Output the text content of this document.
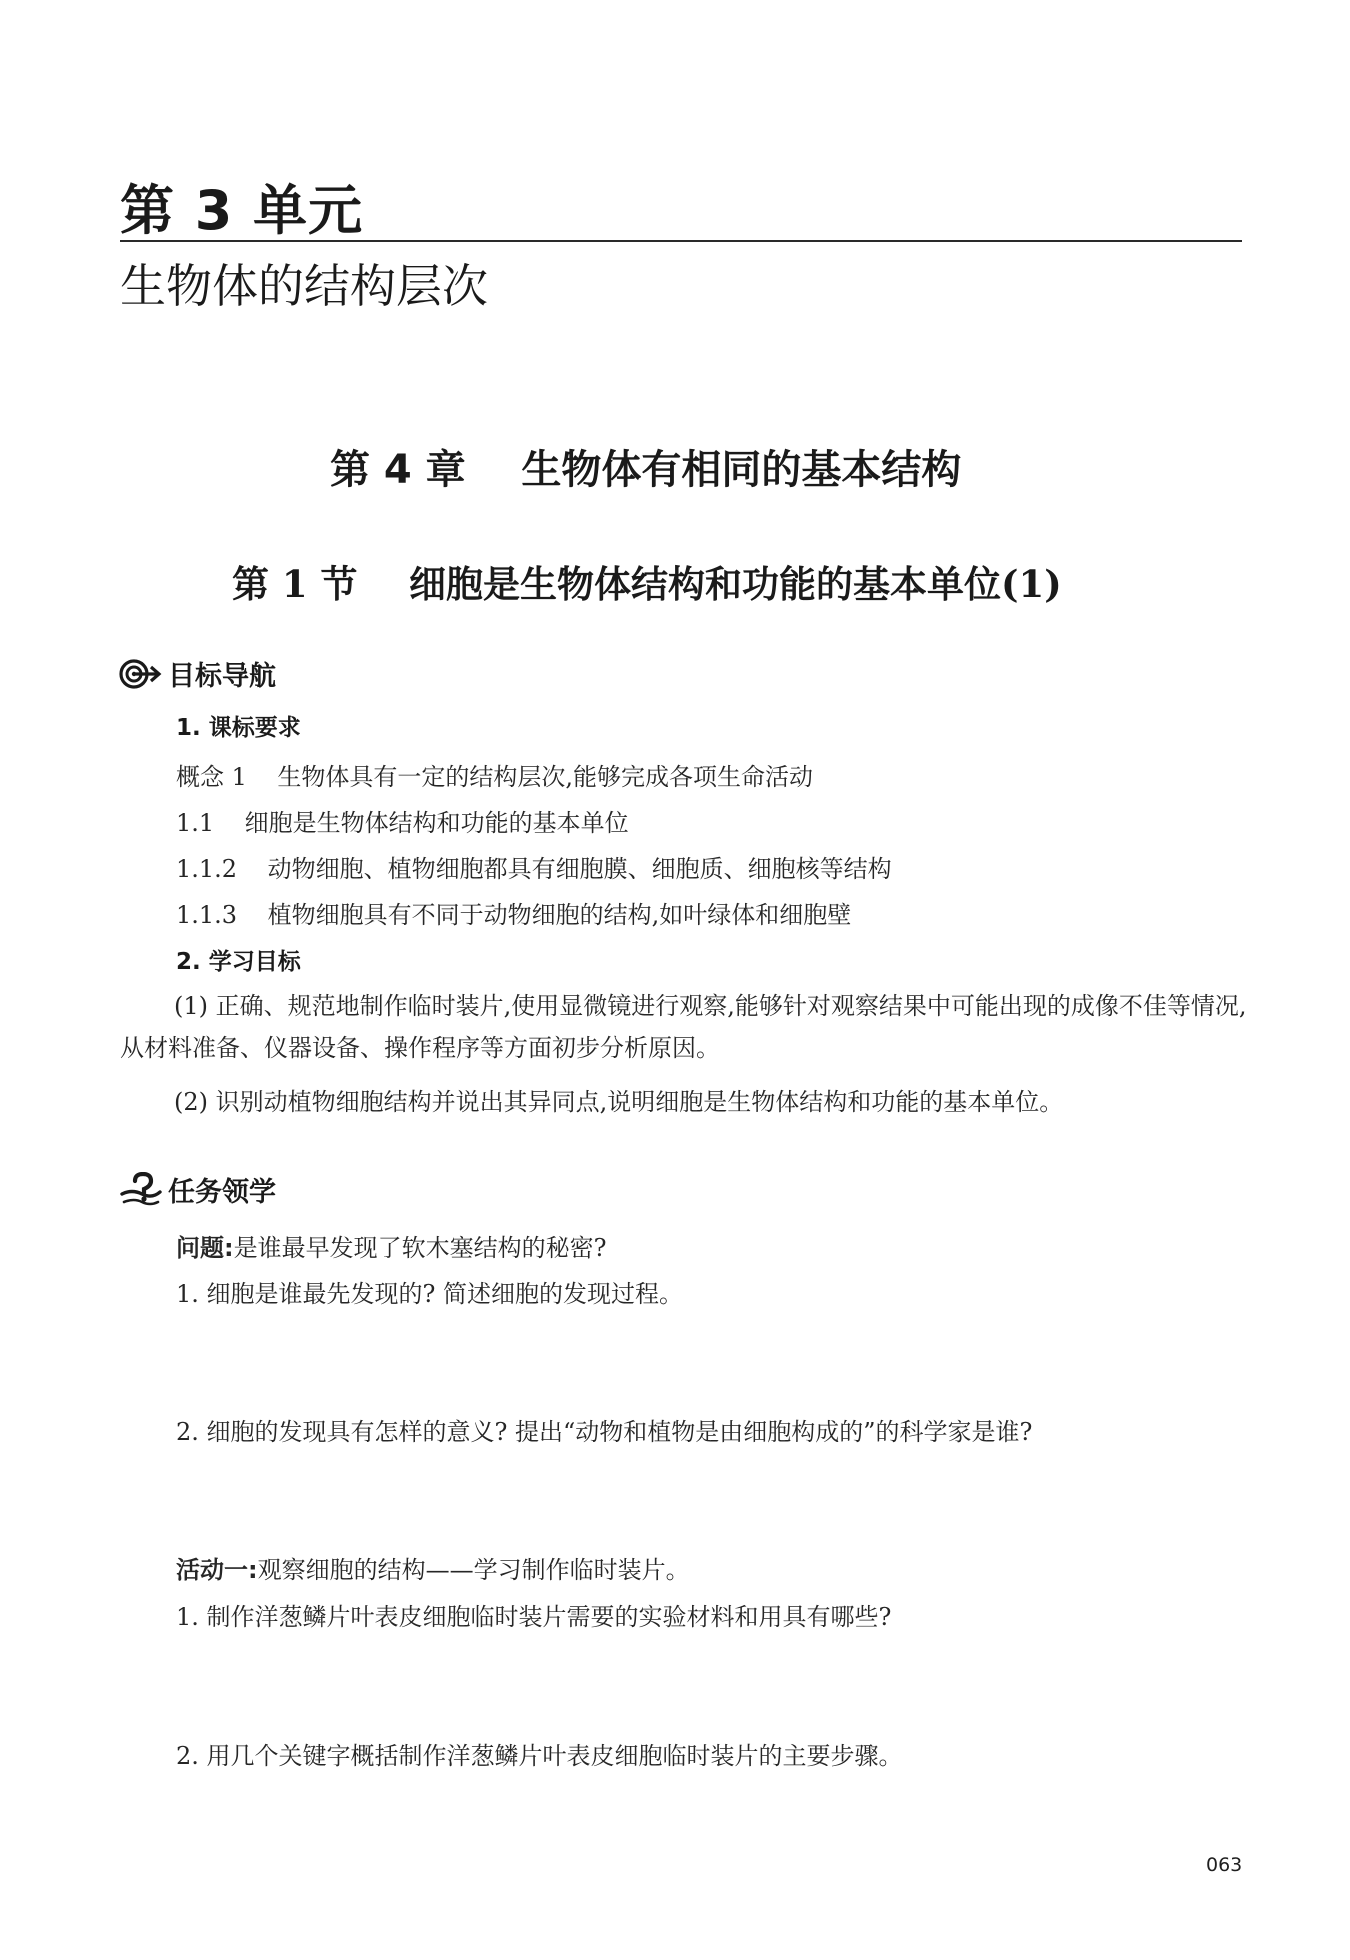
第 3 单元
生物体的结构层次
第 4 章    生物体有相同的基本结构
第 1 节    细胞是生物体结构和功能的基本单位(1)
目标导航
1. 课标要求
概念 1    生物体具有一定的结构层次,能够完成各项生命活动
1.1    细胞是生物体结构和功能的基本单位
1.1.2    动物细胞、植物细胞都具有细胞膜、细胞质、细胞核等结构
1.1.3    植物细胞具有不同于动物细胞的结构,如叶绿体和细胞壁
2. 学习目标
(1) 正确、规范地制作临时装片,使用显微镜进行观察,能够针对观察结果中可能出现的成像不佳等情况,从材料准备、仪器设备、操作程序等方面初步分析原因。
(2) 识别动植物细胞结构并说出其异同点,说明细胞是生物体结构和功能的基本单位。
任务领学
问题:是谁最早发现了软木塞结构的秘密?
1. 细胞是谁最先发现的? 简述细胞的发现过程。
2. 细胞的发现具有怎样的意义? 提出“动物和植物是由细胞构成的”的科学家是谁?
活动一:观察细胞的结构——学习制作临时装片。
1. 制作洋葱鳞片叶表皮细胞临时装片需要的实验材料和用具有哪些?
2. 用几个关键字概括制作洋葱鳞片叶表皮细胞临时装片的主要步骤。
063
